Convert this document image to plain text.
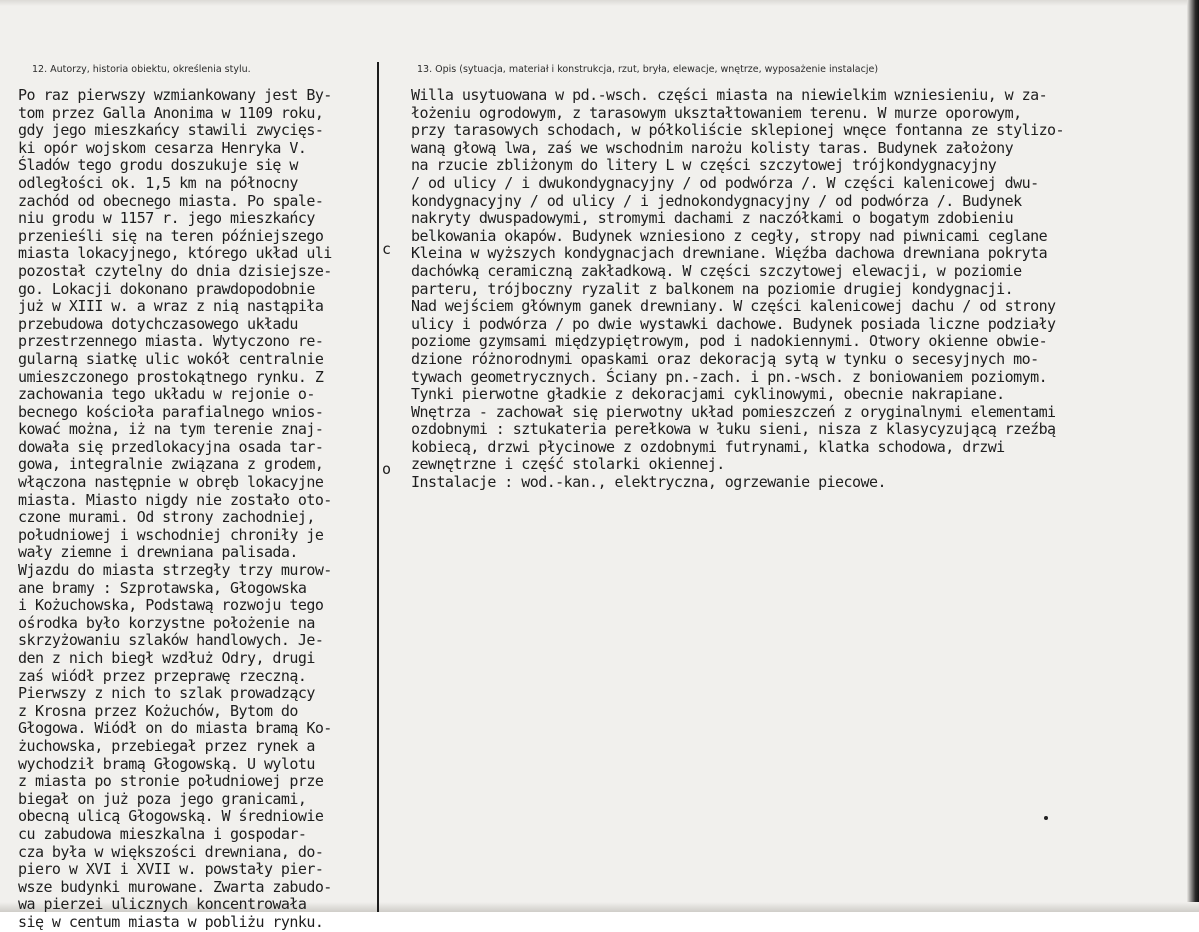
12. Autorzy, historia obiektu, określenia stylu.	13. Opis (sytuacja, materiał i konstrukcja, rzut, bryła, elewacje, wnętrze, wyposażenie instalacje)
Po raz pierwszy wzmiankowany jest By-
tom przez Galla Anonima w 1109 roku,
gdy jego mieszkańcy stawili zwycięs-
ki opór wojskom cesarza Henryka V.
Śladów tego grodu doszukuje się w
odległości ok. 1,5 km na północny
zachód od obecnego miasta. Po spale-
niu grodu w 1157 r. jego mieszkańcy
przenieśli się na teren późniejszego
miasta lokacyjnego, którego układ uli
pozostał czytelny do dnia dzisiejsze-
go. Lokacji dokonano prawdopodobnie
już w XIII w. a wraz z nią nastąpiła
przebudowa dotychczasowego układu
przestrzennego miasta. Wytyczono re-
gularną siatkę ulic wokół centralnie
umieszczonego prostokątnego rynku. Z
zachowania tego układu w rejonie o-
becnego kościoła parafialnego wnios-
kować można, iż na tym terenie znaj-
dowała się przedlokacyjna osada tar-
gowa, integralnie związana z grodem,
włączona następnie w obręb lokacyjne
miasta. Miasto nigdy nie zostało oto-
czone murami. Od strony zachodniej,
południowej i wschodniej chroniły je
wały ziemne i drewniana palisada.
Wjazdu do miasta strzegły trzy murow-
ane bramy : Szprotawska, Głogowska
i Kożuchowska, Podstawą rozwoju tego
ośrodka było korzystne położenie na
skrzyżowaniu szlaków handlowych. Je-
den z nich biegł wzdłuż Odry, drugi
zaś wiódł przez przeprawę rzeczną.
Pierwszy z nich to szlak prowadzący
z Krosna przez Kożuchów, Bytom do
Głogowa. Wiódł on do miasta bramą Ko-
żuchowska, przebiegał przez rynek a
wychodził bramą Głogowską. U wylotu
z miasta po stronie południowej prze
biegał on już poza jego granicami,
obecną ulicą Głogowską. W średniowie
cu zabudowa mieszkalna i gospodar-
cza była w większości drewniana, do-
piero w XVI i XVII w. powstały pier-
wsze budynki murowane. Zwarta zabudo-
wa pierzei ulicznych koncentrowała
się w centum miasta w pobliżu rynku.
Willa usytuowana w pd.-wsch. części miasta na niewielkim wzniesieniu, w za-
łożeniu ogrodowym, z tarasowym ukształtowaniem terenu. W murze oporowym,
przy tarasowych schodach, w półkoliście sklepionej wnęce fontanna ze stylizo-
waną głową lwa, zaś we wschodnim narożu kolisty taras. Budynek założony
na rzucie zbliżonym do litery L w części szczytowej trójkondygnacyjny
/ od ulicy / i dwukondygnacyjny / od podwórza /. W części kalenicowej dwu-
kondygnacyjny / od ulicy / i jednokondygnacyjny / od podwórza /. Budynek
nakryty dwuspadowymi, stromymi dachami z naczółkami o bogatym zdobieniu
belkowania okapów. Budynek wzniesiono z cegły, stropy nad piwnicami ceglane
Kleina w wyższych kondygnacjach drewniane. Więźba dachowa drewniana pokryta
dachówką ceramiczną zakładkową. W części szczytowej elewacji, w poziomie
parteru, trójboczny ryzalit z balkonem na poziomie drugiej kondygnacji.
Nad wejściem głównym ganek drewniany. W części kalenicowej dachu / od strony
ulicy i podwórza / po dwie wystawki dachowe. Budynek posiada liczne podziały
poziome gzymsami międzypiętrowym, pod i nadokiennymi. Otwory okienne obwie-
dzione różnorodnymi opaskami oraz dekoracją sytą w tynku o secesyjnych mo-
tywach geometrycznych. Ściany pn.-zach. i pn.-wsch. z boniowaniem poziomym.
Tynki pierwotne gładkie z dekoracjami cyklinowymi, obecnie nakrapiane.
Wnętrza - zachował się pierwotny układ pomieszczeń z oryginalnymi elementami
ozdobnymi : sztukateria perełkowa w łuku sieni, nisza z klasycyzującą rzeźbą
kobiecą, drzwi płycinowe z ozdobnymi futrynami, klatka schodowa, drzwi
zewnętrzne i część stolarki okiennej.
Instalacje : wod.-kan., elektryczna, ogrzewanie piecowe.
c
o
